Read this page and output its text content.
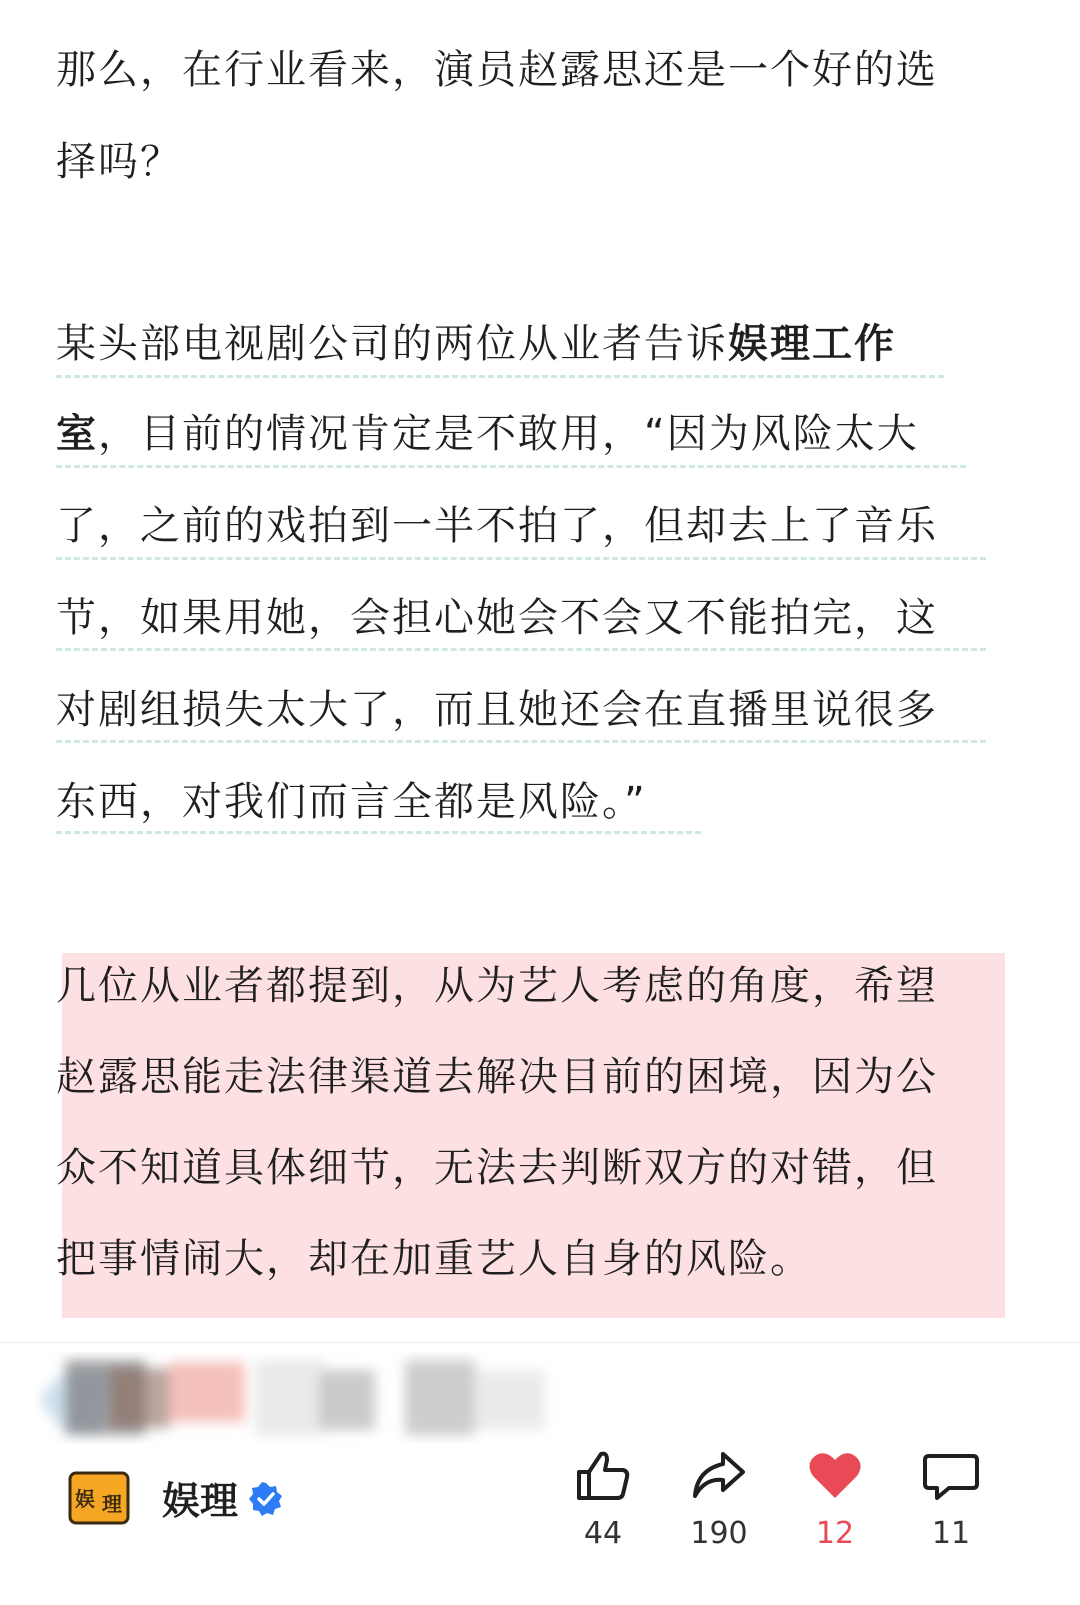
那么，在行业看来，演员赵露思还是一个好的选
择吗？
某头部电视剧公司的两位从业者告诉娱理工作
室，目前的情况肯定是不敢用，“因为风险太大
了，之前的戏拍到一半不拍了，但却去上了音乐
节，如果用她，会担心她会不会又不能拍完，这
对剧组损失太大了，而且她还会在直播里说很多
东西，对我们而言全都是风险。”
几位从业者都提到，从为艺人考虑的角度，希望
赵露思能走法律渠道去解决目前的困境，因为公
众不知道具体细节，无法去判断双方的对错，但
把事情闹大，却在加重艺人自身的风险。
娱 理 娱理
44	190	12	11
